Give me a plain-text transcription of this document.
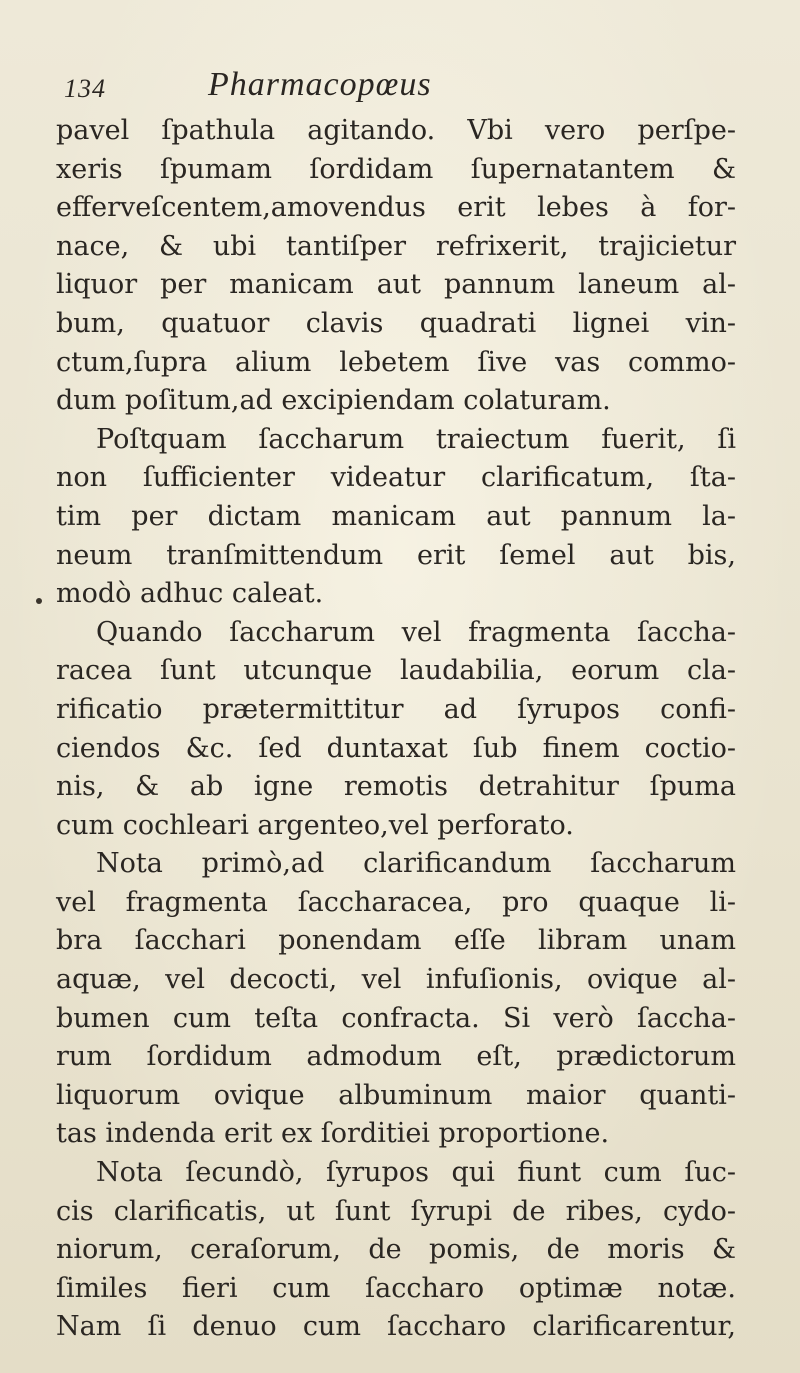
134	Pharmacopœus
pavel ſpathula agitando. Vbi vero perſpe-
xeris ſpumam ſordidam ſupernatantem &
efferveſcentem,amovendus erit lebes à for-
nace, & ubi tantiſper refrixerit, trajicietur
liquor per manicam aut pannum laneum al-
bum, quatuor clavis quadrati lignei vin-
ctum,ſupra alium lebetem ſive vas commo-
dum poſitum,ad excipiendam colaturam.
Poſtquam ſaccharum traiectum fuerit, ſi
non ſufficienter videatur clarificatum, ſta-
tim per dictam manicam aut pannum la-
neum tranſmittendum erit ſemel aut bis,
modò adhuc caleat.
Quando ſaccharum vel fragmenta ſaccha-
racea ſunt utcunque laudabilia, eorum cla-
rificatio prætermittitur ad ſyrupos confi-
ciendos &c. ſed duntaxat ſub finem coctio-
nis, & ab igne remotis detrahitur ſpuma
cum cochleari argenteo,vel perforato.
Nota primò,ad clarificandum ſaccharum
vel fragmenta ſaccharacea, pro quaque li-
bra ſacchari ponendam eſſe libram unam
aquæ, vel decocti, vel infuſionis, ovique al-
bumen cum teſta confracta. Si verò ſaccha-
rum ſordidum admodum eſt, prædictorum
liquorum ovique albuminum maior quanti-
tas indenda erit ex ſorditiei proportione.
Nota ſecundò, ſyrupos qui fiunt cum ſuc-
cis clarificatis, ut ſunt ſyrupi de ribes, cydo-
niorum, ceraſorum, de pomis, de moris &
ſimiles fieri cum ſaccharo optimæ notæ.
Nam ſi denuo cum ſaccharo clarificarentur,
